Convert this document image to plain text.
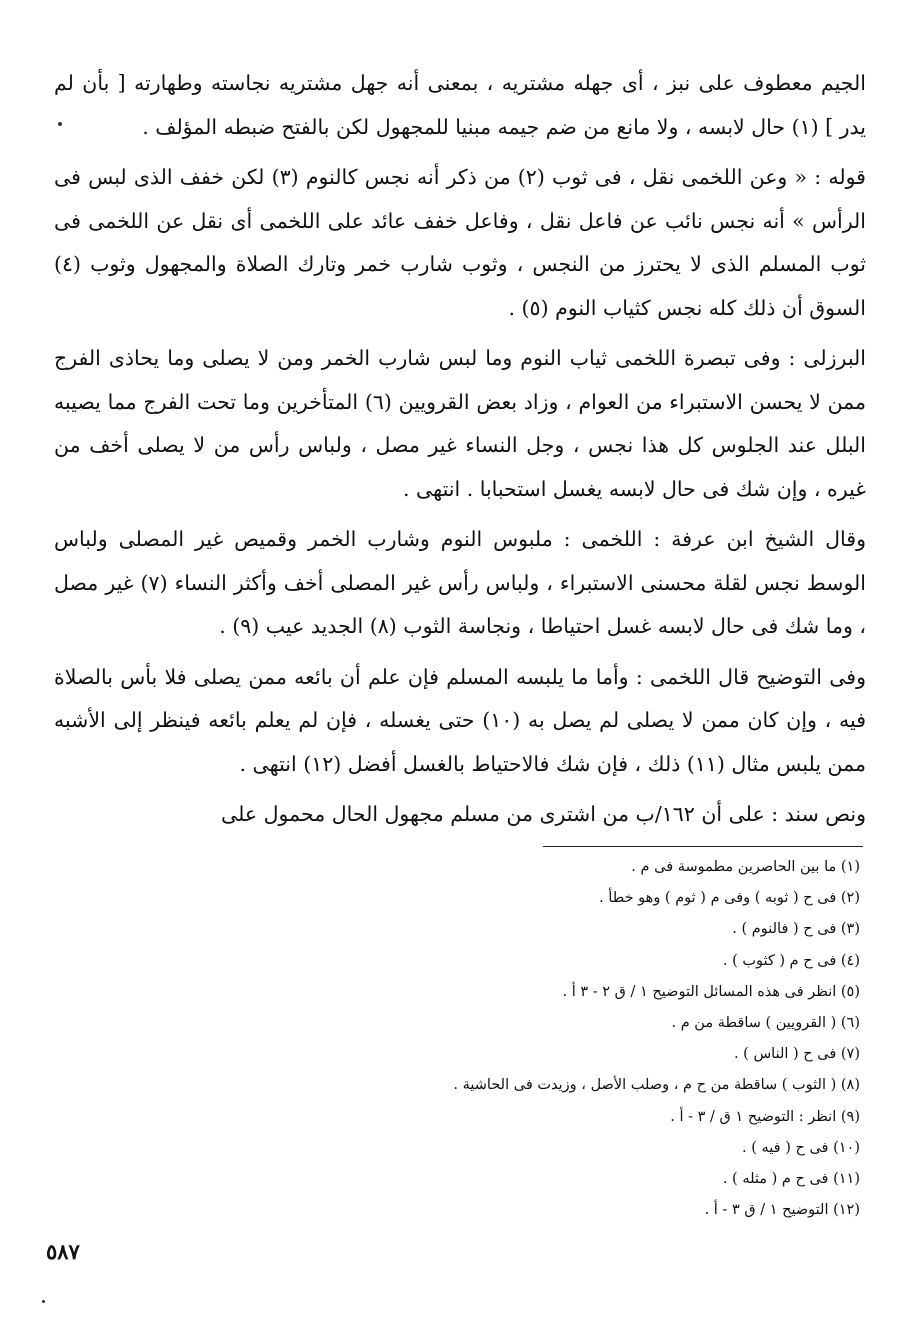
الجيم معطوف على نبز ، أى جهله مشتريه ، بمعنى أنه جهل مشتريه نجاسته وطهارته [ بأن لم يدر ] (١) حال لابسه ، ولا مانع من ضم جيمه مبنيا للمجهول لكن بالفتح ضبطه المؤلف .

قوله : « وعن اللخمى نقل ، فى ثوب (٢) من ذكر أنه نجس كالنوم (٣) لكن خفف الذى لبس فى الرأس » أنه نجس نائب عن فاعل نقل ، وفاعل خفف عائد على اللخمى أى نقل عن اللخمى فى ثوب المسلم الذى لا يحترز من النجس ، وثوب شارب خمر وتارك الصلاة والمجهول وثوب (٤) السوق أن ذلك كله نجس كثياب النوم (٥) .

البرزلى : وفى تبصرة اللخمى ثياب النوم وما لبس شارب الخمر ومن لا يصلى وما يحاذى الفرج ممن لا يحسن الاستبراء من العوام ، وزاد بعض القرويين (٦) المتأخرين وما تحت الفرج مما يصيبه البلل عند الجلوس كل هذا نجس ، وجل النساء غير مصل ، ولباس رأس من لا يصلى أخف من غيره ، وإن شك فى حال لابسه يغسل استحبابا . انتهى .

وقال الشيخ ابن عرفة : اللخمى : ملبوس النوم وشارب الخمر وقميص غير المصلى ولباس الوسط نجس لقلة محسنى الاستبراء ، ولباس رأس غير المصلى أخف وأكثر النساء (٧) غير مصل ، وما شك فى حال لابسه غسل احتياطا ، ونجاسة الثوب (٨) الجديد عيب (٩) .

وفى التوضيح قال اللخمى : وأما ما يلبسه المسلم فإن علم أن بائعه ممن يصلى فلا بأس بالصلاة فيه ، وإن كان ممن لا يصلى لم يصل به (١٠) حتى يغسله ، فإن لم يعلم بائعه فينظر إلى الأشبه ممن يلبس مثال (١١) ذلك ، فإن شك فالاحتياط بالغسل أفضل (١٢) انتهى .

ونص سند : على أن ١٦٢/ب من اشترى من مسلم مجهول الحال محمول على

(١) ما بين الحاصرين مطموسة فى م .
(٢) فى ح ( ثوبه ) وفى م ( ثوم ) وهو خطأ .
(٣) فى ح ( فالنوم ) .
(٤) فى ح م ( كثوب ) .
(٥) انظر فى هذه المسائل التوضيح ١ / ق ٢ - ٣ أ .
(٦) ( القرويين ) ساقطة من م .
(٧) فى ح ( الناس ) .
(٨) ( الثوب ) ساقطة من ح م ، وصلب الأصل ، وزيدت فى الحاشية .
(٩) انظر : التوضيح ١ ق / ٣ - أ .
(١٠) فى ح ( فيه ) .
(١١) فى ح م ( مثله ) .
(١٢) التوضيح ١ / ق ٣ - أ .
٥٨٧
